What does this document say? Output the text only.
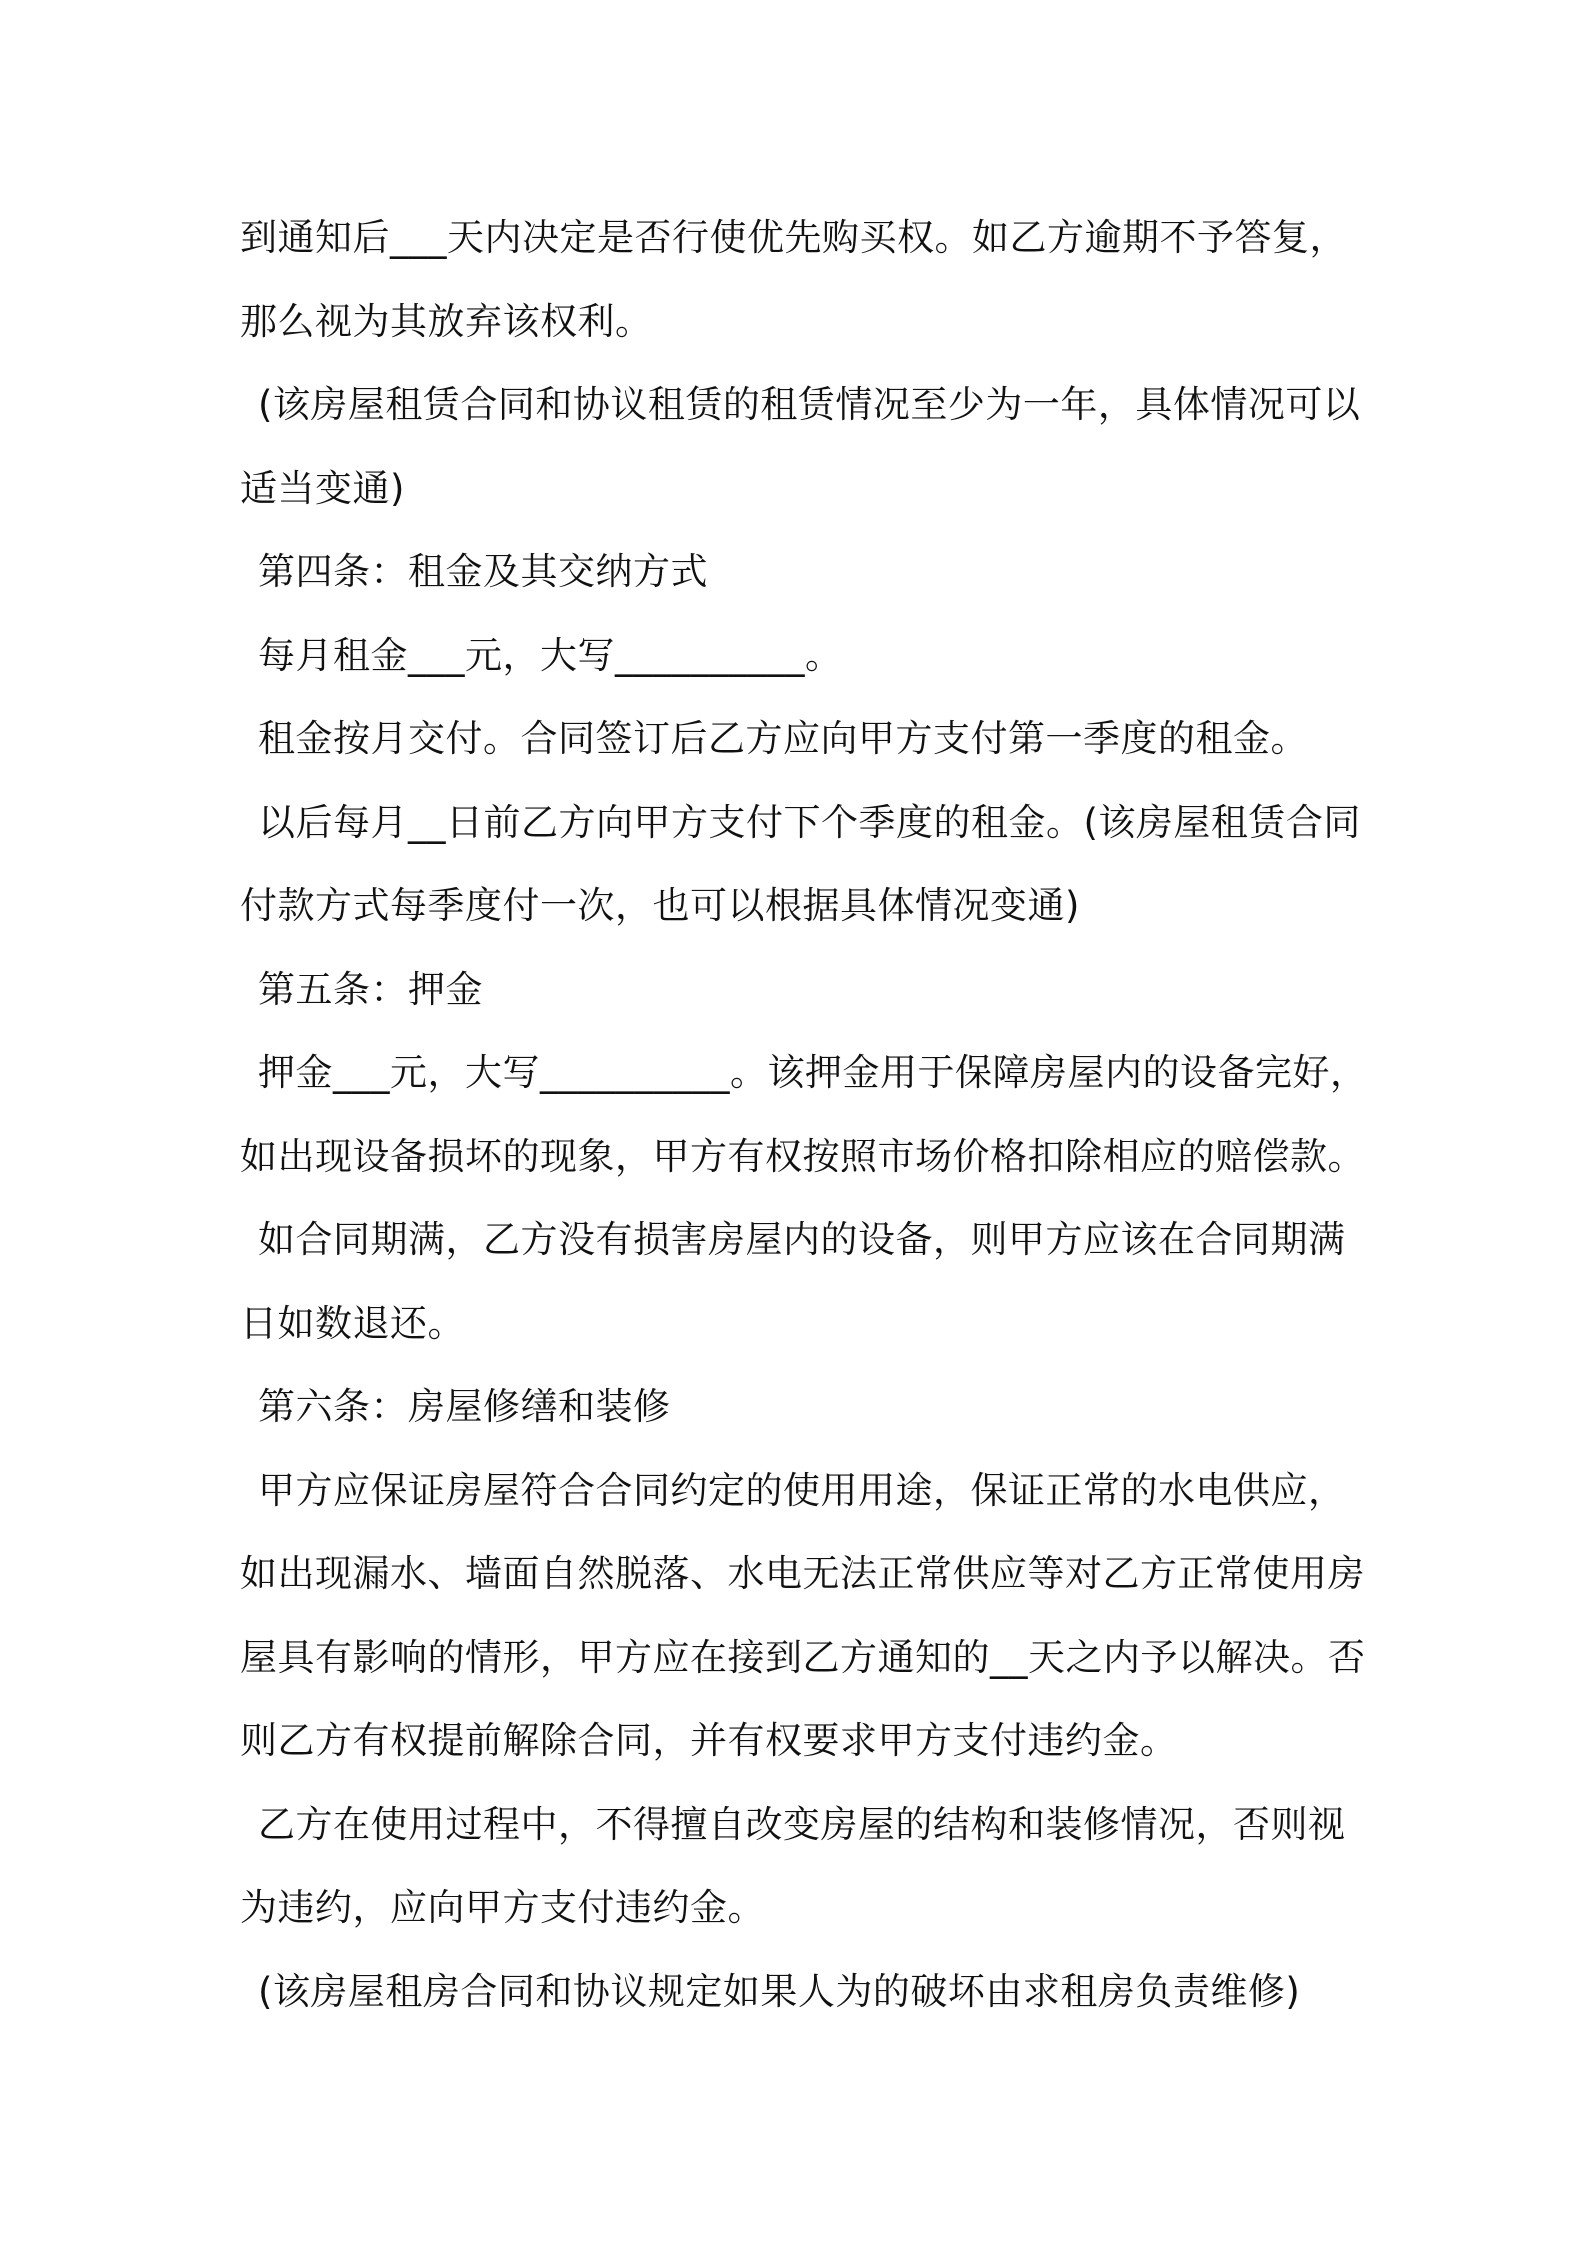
到通知后___天内决定是否行使优先购买权。如乙方逾期不予答复，
那么视为其放弃该权利。
(该房屋租赁合同和协议租赁的租赁情况至少为一年，具体情况可以
适当变通)
第四条：租金及其交纳方式
每月租金___元，大写__________。
租金按月交付。合同签订后乙方应向甲方支付第一季度的租金。
以后每月__日前乙方向甲方支付下个季度的租金。(该房屋租赁合同
付款方式每季度付一次，也可以根据具体情况变通)
第五条：押金
押金___元，大写__________。该押金用于保障房屋内的设备完好，
如出现设备损坏的现象，甲方有权按照市场价格扣除相应的赔偿款。
如合同期满，乙方没有损害房屋内的设备，则甲方应该在合同期满
日如数退还。
第六条：房屋修缮和装修
甲方应保证房屋符合合同约定的使用用途，保证正常的水电供应，
如出现漏水、墙面自然脱落、水电无法正常供应等对乙方正常使用房
屋具有影响的情形，甲方应在接到乙方通知的__天之内予以解决。否
则乙方有权提前解除合同，并有权要求甲方支付违约金。
乙方在使用过程中，不得擅自改变房屋的结构和装修情况，否则视
为违约，应向甲方支付违约金。
(该房屋租房合同和协议规定如果人为的破坏由求租房负责维修)
